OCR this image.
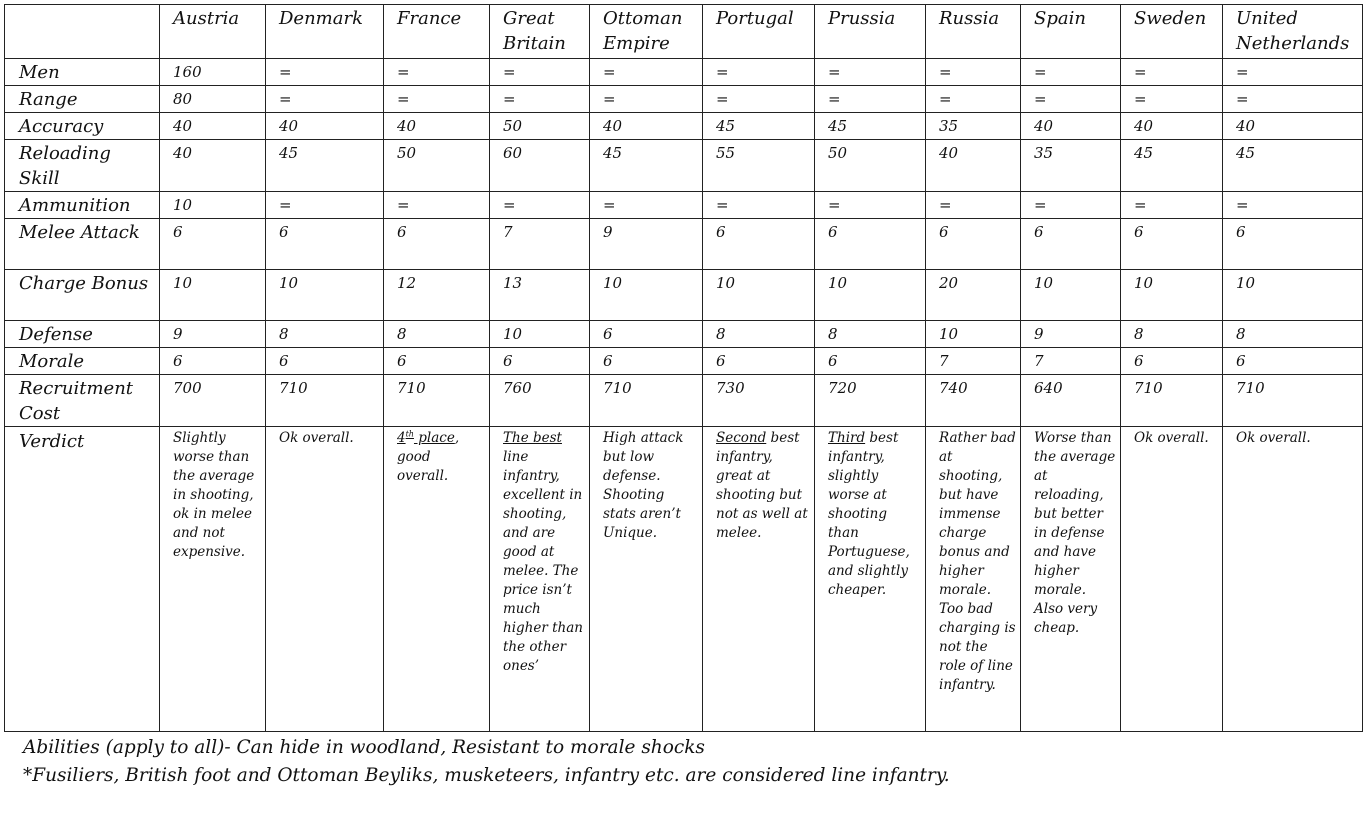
	Austria	Denmark	France	Great Britain	Ottoman Empire	Portugal	Prussia	Russia	Spain	Sweden	United Netherlands
Men	160	=	=	=	=	=	=	=	=	=	=
Range	80	=	=	=	=	=	=	=	=	=	=
Accuracy	40	40	40	50	40	45	45	35	40	40	40
Reloading Skill	40	45	50	60	45	55	50	40	35	45	45
Ammunition	10	=	=	=	=	=	=	=	=	=	=
Melee Attack	6	6	6	7	9	6	6	6	6	6	6
Charge Bonus	10	10	12	13	10	10	10	20	10	10	10
Defense	9	8	8	10	6	8	8	10	9	8	8
Morale	6	6	6	6	6	6	6	7	7	6	6
Recruitment Cost	700	710	710	760	710	730	720	740	640	710	710
Verdict	Slightly worse than the average in shooting, ok in melee and not expensive.	Ok overall.	4th place, good overall.	The best line infantry, excellent in shooting, and are good at melee. The price isn’t much higher than the other ones’	High attack but low defense. Shooting stats aren’t Unique.	Second best infantry, great at shooting but not as well at melee.	Third best infantry, slightly worse at shooting than Portuguese, and slightly cheaper.	Rather bad at shooting, but have immense charge bonus and higher morale. Too bad charging is not the role of line infantry.	Worse than the average at reloading, but better in defense and have higher morale. Also very cheap.	Ok overall.	Ok overall.
Abilities (apply to all)- Can hide in woodland, Resistant to morale shocks
*Fusiliers, British foot and Ottoman Beyliks, musketeers, infantry etc. are considered line infantry.
